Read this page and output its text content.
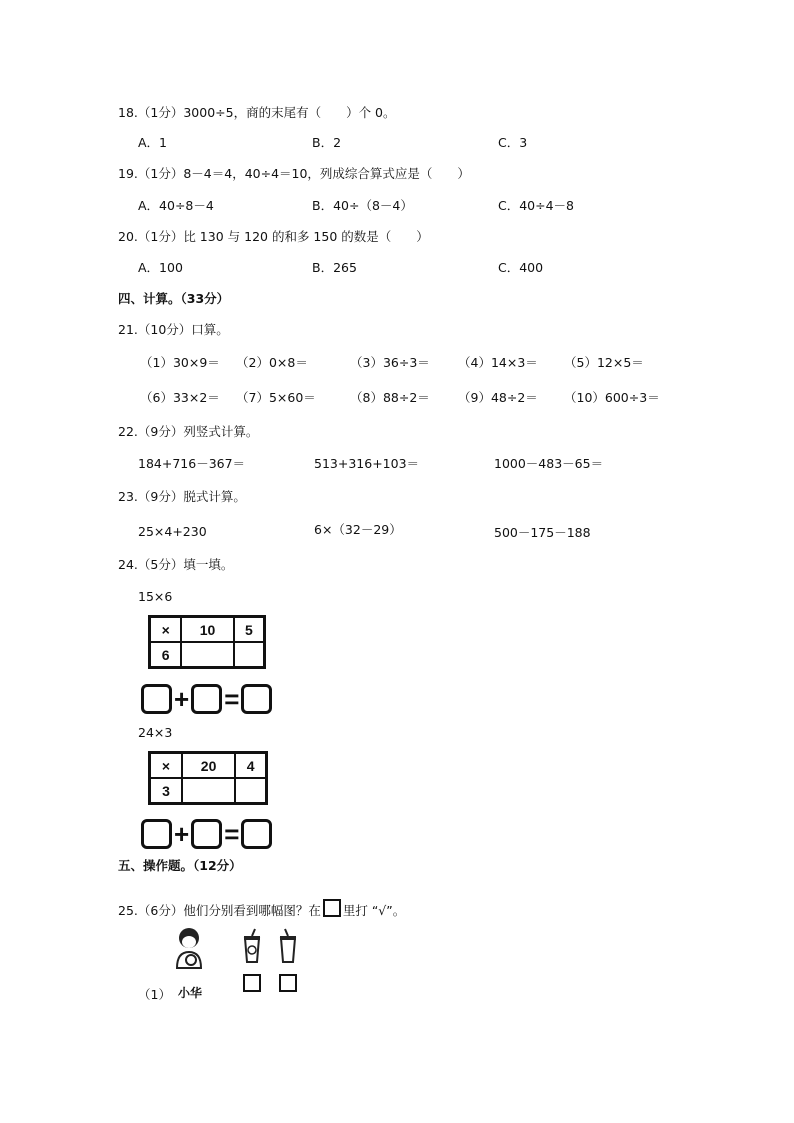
18.（1分）3000÷5，商的末尾有（　　）个 0。
A．1	B．2	C．3
19.（1分）8－4＝4，40÷4＝10，列成综合算式应是（　　）
A．40÷8－4	B．40÷（8－4）	C．40÷4－8
20.（1分）比 130 与 120 的和多 150 的数是（　　）
A．100	B．265	C．400
四、计算。（33分）
21.（10分）口算。
（1）30×9＝ （2）0×8＝	（3）36÷3＝ （4）14×3＝ （5）12×5＝
（6）33×2＝ （7）5×60＝	（8）88÷2＝ （9）48÷2＝ （10）600÷3＝
22.（9分）列竖式计算。
184+716－367＝	513+316+103＝	1000－483－65＝
23.（9分）脱式计算。
25×4+230	6×（32－29）	500－175－188
24.（5分）填一填。
15×6
×	10	5
6		
+ =
24×3
×	20	4
3		
+ =
五、操作题。（12分）
25.（6分）他们分别看到哪幅图？在 里打 “√”。
（1） 小华
